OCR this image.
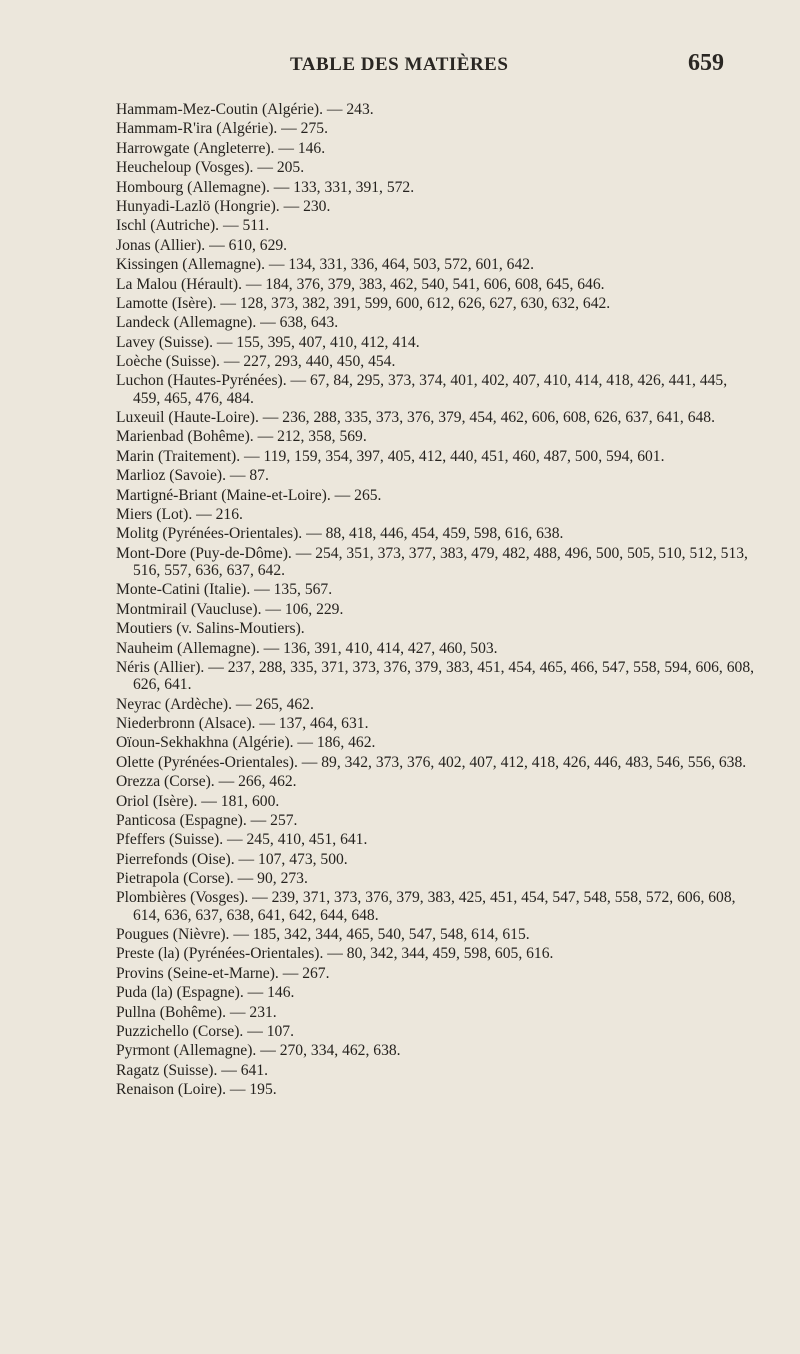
TABLE DES MATIÈRES	659

Hammam-Mez-Coutin (Algérie). — 243.

Hammam-R'ira (Algérie). — 275.

Harrowgate (Angleterre). — 146.

Heucheloup (Vosges). — 205.

Hombourg (Allemagne). — 133, 331, 391, 572.

Hunyadi-Lazlö (Hongrie). — 230.

Ischl (Autriche). — 511.

Jonas (Allier). — 610, 629.

Kissingen (Allemagne). — 134, 331, 336, 464, 503, 572, 601, 642.

La Malou (Hérault). — 184, 376, 379, 383, 462, 540, 541, 606, 608, 645, 646.

Lamotte (Isère). — 128, 373, 382, 391, 599, 600, 612, 626, 627, 630, 632, 642.

Landeck (Allemagne). — 638, 643.

Lavey (Suisse). — 155, 395, 407, 410, 412, 414.

Loèche (Suisse). — 227, 293, 440, 450, 454.

Luchon (Hautes-Pyrénées). — 67, 84, 295, 373, 374, 401, 402, 407, 410, 414, 418, 426, 441, 445, 459, 465, 476, 484.

Luxeuil (Haute-Loire). — 236, 288, 335, 373, 376, 379, 454, 462, 606, 608, 626, 637, 641, 648.

Marienbad (Bohême). — 212, 358, 569.

Marin (Traitement). — 119, 159, 354, 397, 405, 412, 440, 451, 460, 487, 500, 594, 601.

Marlioz (Savoie). — 87.

Martigné-Briant (Maine-et-Loire). — 265.

Miers (Lot). — 216.

Molitg (Pyrénées-Orientales). — 88, 418, 446, 454, 459, 598, 616, 638.

Mont-Dore (Puy-de-Dôme). — 254, 351, 373, 377, 383, 479, 482, 488, 496, 500, 505, 510, 512, 513, 516, 557, 636, 637, 642.

Monte-Catini (Italie). — 135, 567.

Montmirail (Vaucluse). — 106, 229.

Moutiers (v. Salins-Moutiers).

Nauheim (Allemagne). — 136, 391, 410, 414, 427, 460, 503.

Néris (Allier). — 237, 288, 335, 371, 373, 376, 379, 383, 451, 454, 465, 466, 547, 558, 594, 606, 608, 626, 641.

Neyrac (Ardèche). — 265, 462.

Niederbronn (Alsace). — 137, 464, 631.

Oïoun-Sekhakhna (Algérie). — 186, 462.

Olette (Pyrénées-Orientales). — 89, 342, 373, 376, 402, 407, 412, 418, 426, 446, 483, 546, 556, 638.

Orezza (Corse). — 266, 462.

Oriol (Isère). — 181, 600.

Panticosa (Espagne). — 257.

Pfeffers (Suisse). — 245, 410, 451, 641.

Pierrefonds (Oise). — 107, 473, 500.

Pietrapola (Corse). — 90, 273.

Plombières (Vosges). — 239, 371, 373, 376, 379, 383, 425, 451, 454, 547, 548, 558, 572, 606, 608, 614, 636, 637, 638, 641, 642, 644, 648.

Pougues (Nièvre). — 185, 342, 344, 465, 540, 547, 548, 614, 615.

Preste (la) (Pyrénées-Orientales). — 80, 342, 344, 459, 598, 605, 616.

Provins (Seine-et-Marne). — 267.

Puda (la) (Espagne). — 146.

Pullna (Bohême). — 231.

Puzzichello (Corse). — 107.

Pyrmont (Allemagne). — 270, 334, 462, 638.

Ragatz (Suisse). — 641.

Renaison (Loire). — 195.
